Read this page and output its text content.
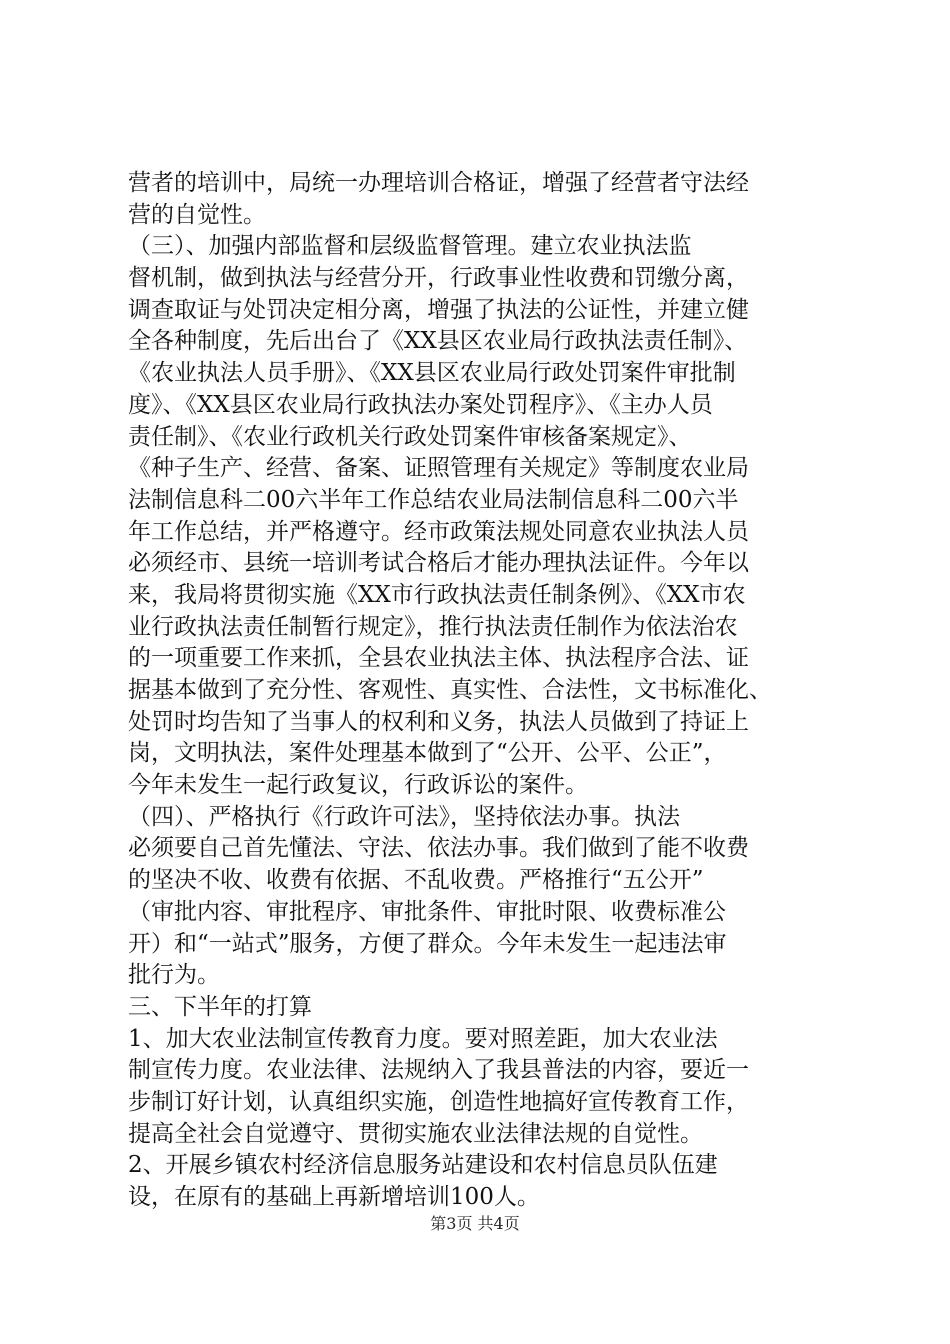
营者的培训中，局统一办理培训合格证，增强了经营者守法经
营的自觉性。
（三）、加强内部监督和层级监督管理。建立农业执法监
督机制，做到执法与经营分开，行政事业性收费和罚缴分离，
调查取证与处罚决定相分离，增强了执法的公证性，并建立健
全各种制度，先后出台了《XX县区农业局行政执法责任制》、
《农业执法人员手册》、《XX县区农业局行政处罚案件审批制
度》、《XX县区农业局行政执法办案处罚程序》、《主办人员
责任制》、《农业行政机关行政处罚案件审核备案规定》、
《种子生产、经营、备案、证照管理有关规定》等制度农业局
法制信息科二00六半年工作总结农业局法制信息科二00六半
年工作总结，并严格遵守。经市政策法规处同意农业执法人员
必须经市、县统一培训考试合格后才能办理执法证件。今年以
来，我局将贯彻实施《XX市行政执法责任制条例》、《XX市农
业行政执法责任制暂行规定》，推行执法责任制作为依法治农
的一项重要工作来抓，全县农业执法主体、执法程序合法、证
据基本做到了充分性、客观性、真实性、合法性，文书标准化、
处罚时均告知了当事人的权利和义务，执法人员做到了持证上
岗，文明执法，案件处理基本做到了“公开、公平、公正”，
今年未发生一起行政复议，行政诉讼的案件。
（四）、严格执行《行政许可法》，坚持依法办事。执法
必须要自己首先懂法、守法、依法办事。我们做到了能不收费
的坚决不收、收费有依据、不乱收费。严格推行“五公开”
（审批内容、审批程序、审批条件、审批时限、收费标准公
开）和“一站式”服务，方便了群众。今年未发生一起违法审
批行为。
三、下半年的打算
1、加大农业法制宣传教育力度。要对照差距，加大农业法
制宣传力度。农业法律、法规纳入了我县普法的内容，要近一
步制订好计划，认真组织实施，创造性地搞好宣传教育工作，
提高全社会自觉遵守、贯彻实施农业法律法规的自觉性。
2、开展乡镇农村经济信息服务站建设和农村信息员队伍建
设，在原有的基础上再新增培训100人。
第3页 共4页
